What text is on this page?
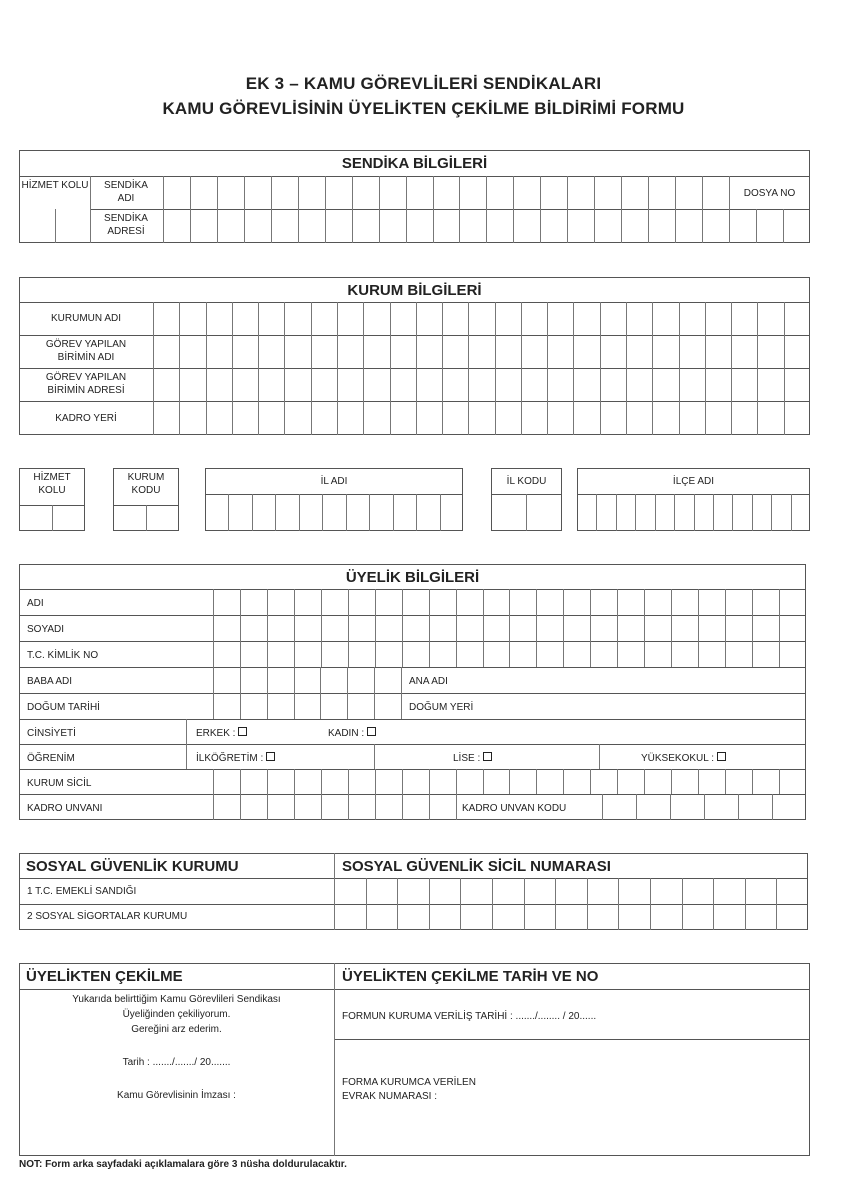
EK 3 – KAMU GÖREVLİLERİ SENDİKALARI
KAMU GÖREVLİSİNİN ÜYELİKTEN ÇEKİLME BİLDİRİMİ FORMU
SENDİKA BİLGİLERİ
HİZMET KOLU	SENDİKA ADI
SENDİKA ADRESİ
DOSYA NO
KURUM BİLGİLERİ
KURUMUN ADI
GÖREV YAPILAN BİRİMİN ADI
GÖREV YAPILAN BİRİMİN ADRESİ
KADRO YERİ
HİZMET KOLU
KURUM KODU
İL ADI	İL KODU	İLÇE ADI
ÜYELİK BİLGİLERİ
ADI
SOYADI
T.C. KİMLİK NO
BABA ADI	ANA ADI
DOĞUM TARİHİ	DOĞUM YERİ
CİNSİYETİ	ERKEK :	KADIN :
ÖĞRENİM	İLKÖĞRETİM :	LİSE :	YÜKSEKOKUL :
KURUM SİCİL
KADRO UNVANI	KADRO UNVAN KODU
SOSYAL GÜVENLİK KURUMU	SOSYAL GÜVENLİK SİCİL NUMARASI
1 T.C. EMEKLİ SANDIĞI
2 SOSYAL SİGORTALAR KURUMU
ÜYELİKTEN ÇEKİLME	ÜYELİKTEN ÇEKİLME TARİH VE NO
Yukarıda belirttiğim Kamu Görevlileri Sendikası
Üyeliğinden çekiliyorum.
Gereğini arz ederim.
Tarih : ......./......./ 20.......
Kamu Görevlisinin İmzası :
FORMUN KURUMA VERİLİŞ TARİHİ : ......./........ / 20......
FORMA KURUMCA VERİLEN
EVRAK NUMARASI :
NOT: Form arka sayfadaki açıklamalara göre 3 nüsha doldurulacaktır.
